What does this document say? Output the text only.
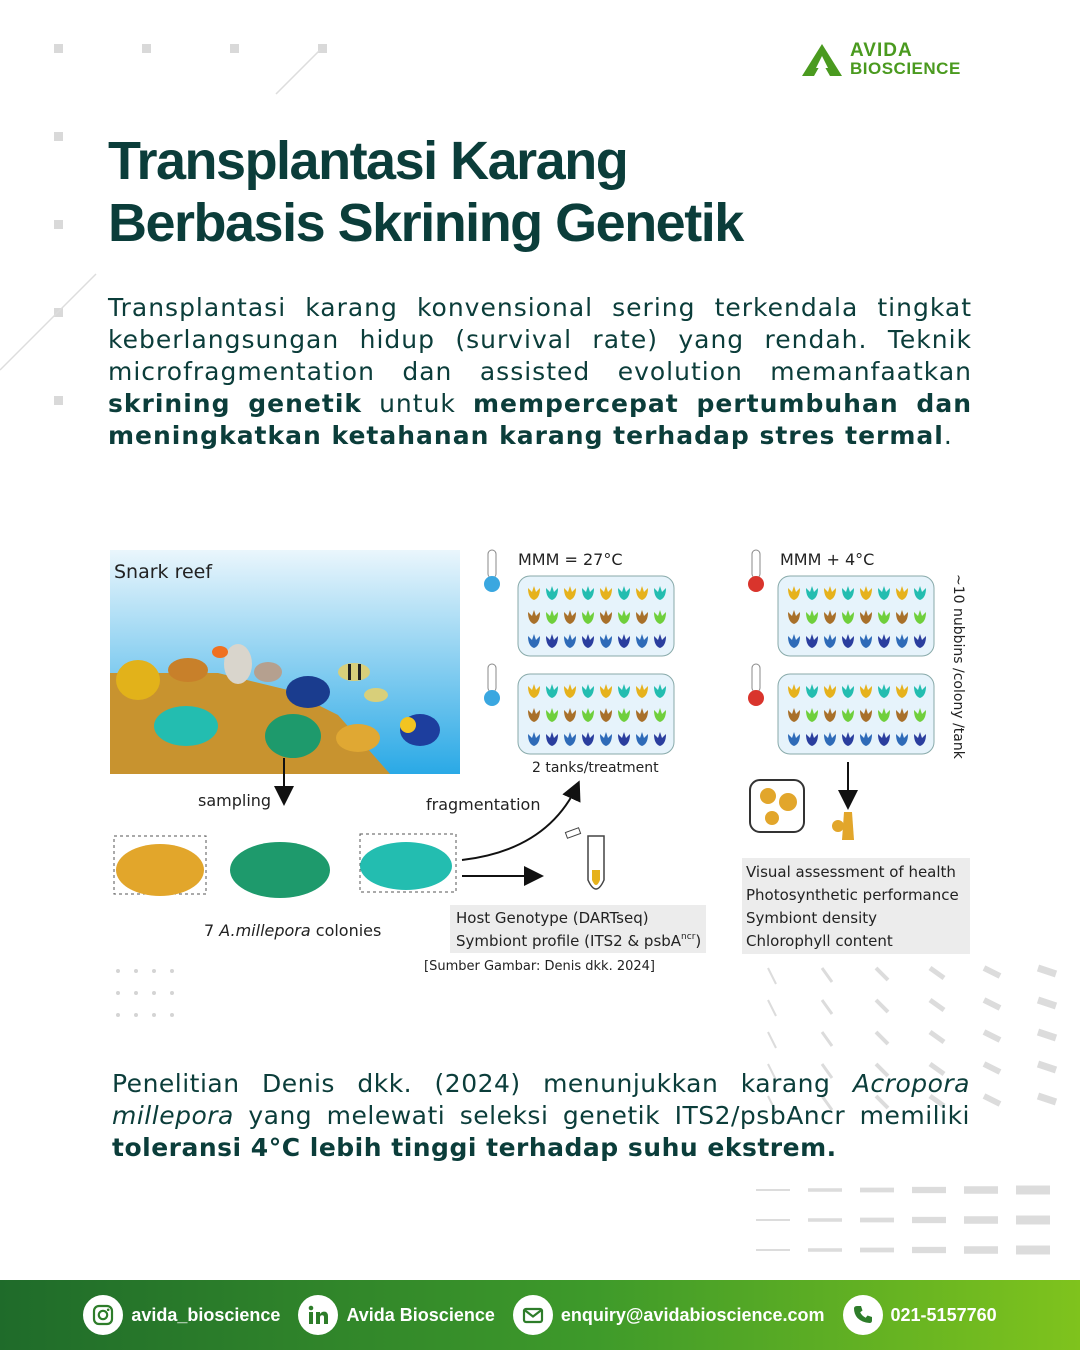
AVIDA
BIOSCIENCE
Transplantasi Karang
Berbasis Skrining Genetik

Transplantasi karang konvensional sering terkendala tingkat keberlangsungan hidup (survival rate) yang rendah. Teknik microfragmentation dan assisted evolution memanfaatkan skrining genetik untuk mempercepat pertumbuhan dan meningkatkan ketahanan karang terhadap stres termal.

Snark reef
sampling
7 A.millepora colonies
fragmentation
Host Genotype (DARTseq)
Symbiont profile (ITS2 & psbA$^{ncr}$)
[Sumber Gambar: Denis dkk. 2024]
MMM = 27°C	MMM + 4°C
2 tanks/treatment
~10 nubbins /colony /tank
Visual assessment of health
Photosynthetic performance
Symbiont density
Chlorophyll content

Penelitian Denis dkk. (2024) menunjukkan karang Acropora millepora yang melewati seleksi genetik ITS2/psbAncr memiliki toleransi 4°C lebih tinggi terhadap suhu ekstrem.

avida_bioscience	Avida Bioscience	enquiry@avidabioscience.com	021-5157760
